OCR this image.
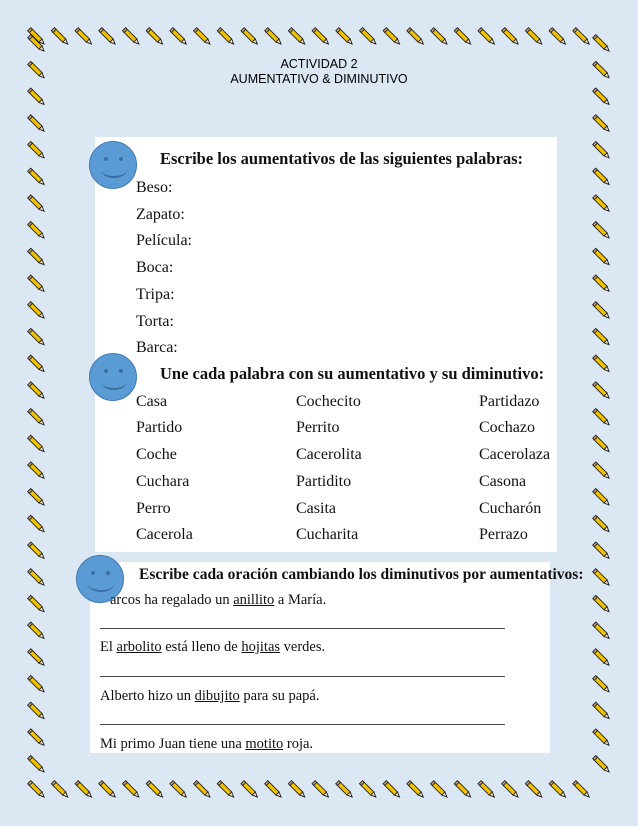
ACTIVIDAD 2
AUMENTATIVO & DIMINUTIVO
Escribe los aumentativos de las siguientes palabras:
Beso:
Zapato:
Película:
Boca:
Tripa:
Torta:
Barca:
Une cada palabra con su aumentativo y su diminutivo:
Casa
Partido
Coche
Cuchara
Perro
Cacerola
Cochecito
Perrito
Cacerolita
Partidito
Casita
Cucharita
Partidazo
Cochazo
Cacerolaza
Casona
Cucharón
Perrazo
Escribe cada oración cambiando los diminutivos por aumentativos:
arcos ha regalado un anillito a María.
El arbolito está lleno de hojitas verdes.
Alberto hizo un dibujito para su papá.
Mi primo Juan tiene una motito roja.
